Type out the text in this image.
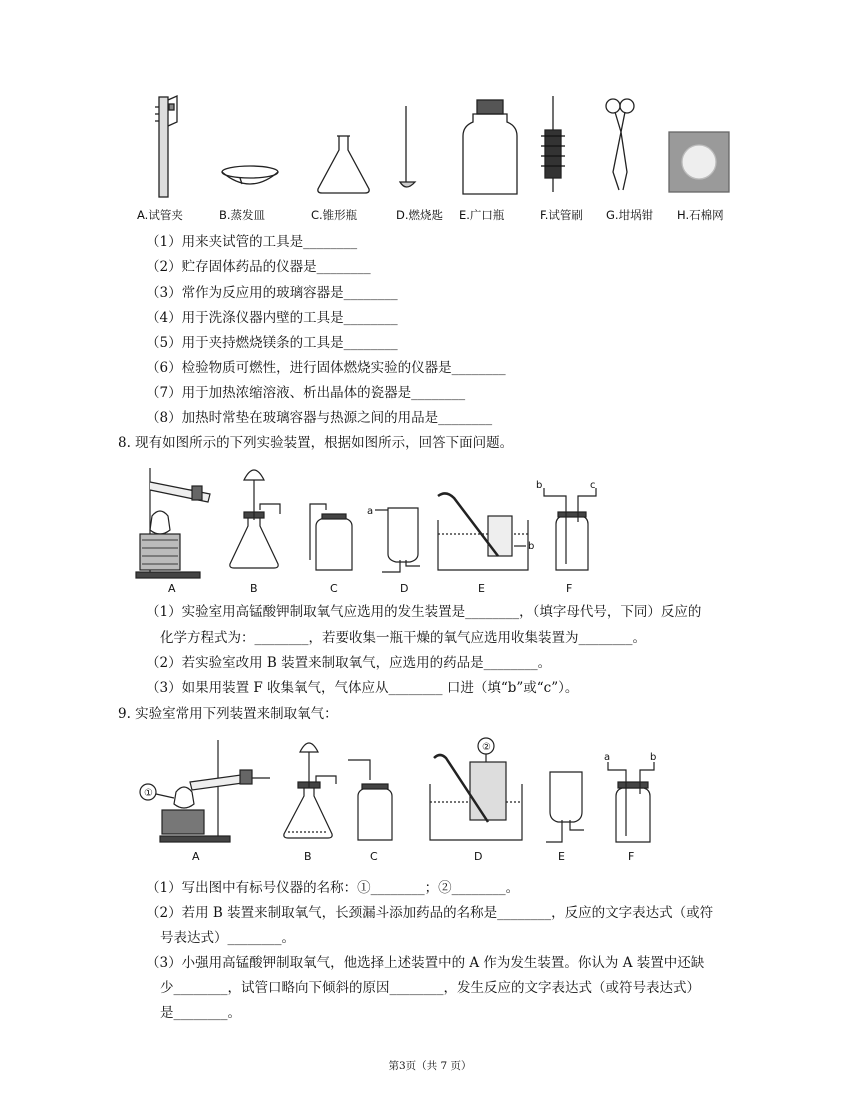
A.试管夹	B.蒸发皿	C.锥形瓶	D.燃烧匙 E.广口瓶	F.试管刷 G.坩埚钳 H.石棉网
（1）用来夹试管的工具是________
（2）贮存固体药品的仪器是________
（3）常作为反应用的玻璃容器是________
（4）用于洗涤仪器内壁的工具是________
（5）用于夹持燃烧镁条的工具是________
（6）检验物质可燃性，进行固体燃烧实验的仪器是________
（7）用于加热浓缩溶液、析出晶体的瓷器是________
（8）加热时常垫在玻璃容器与热源之间的用品是________
8. 现有如图所示的下列实验装置，根据如图所示，回答下面问题。
a
b
b	c
A	B	C	D	E	F
（1）实验室用高锰酸钾制取氧气应选用的发生装置是________，（填字母代号，下同）反应的
化学方程式为：________，若要收集一瓶干燥的氧气应选用收集装置为________。
（2）若实验室改用 B 装置来制取氧气，应选用的药品是________。
（3）如果用装置 F 收集氧气，气体应从________ 口进（填“b”或“c”）。
9. 实验室常用下列装置来制取氧气：
①
②
a	b
A	B	C	D	E	F
（1）写出图中有标号仪器的名称：①________；②________。
（2）若用 B 装置来制取氧气，长颈漏斗添加药品的名称是________，反应的文字表达式（或符
号表达式）________。
（3）小强用高锰酸钾制取氧气，他选择上述装置中的 A 作为发生装置。你认为 A 装置中还缺
少________，试管口略向下倾斜的原因________，发生反应的文字表达式（或符号表达式）
是________。
第3页（共 7 页）
